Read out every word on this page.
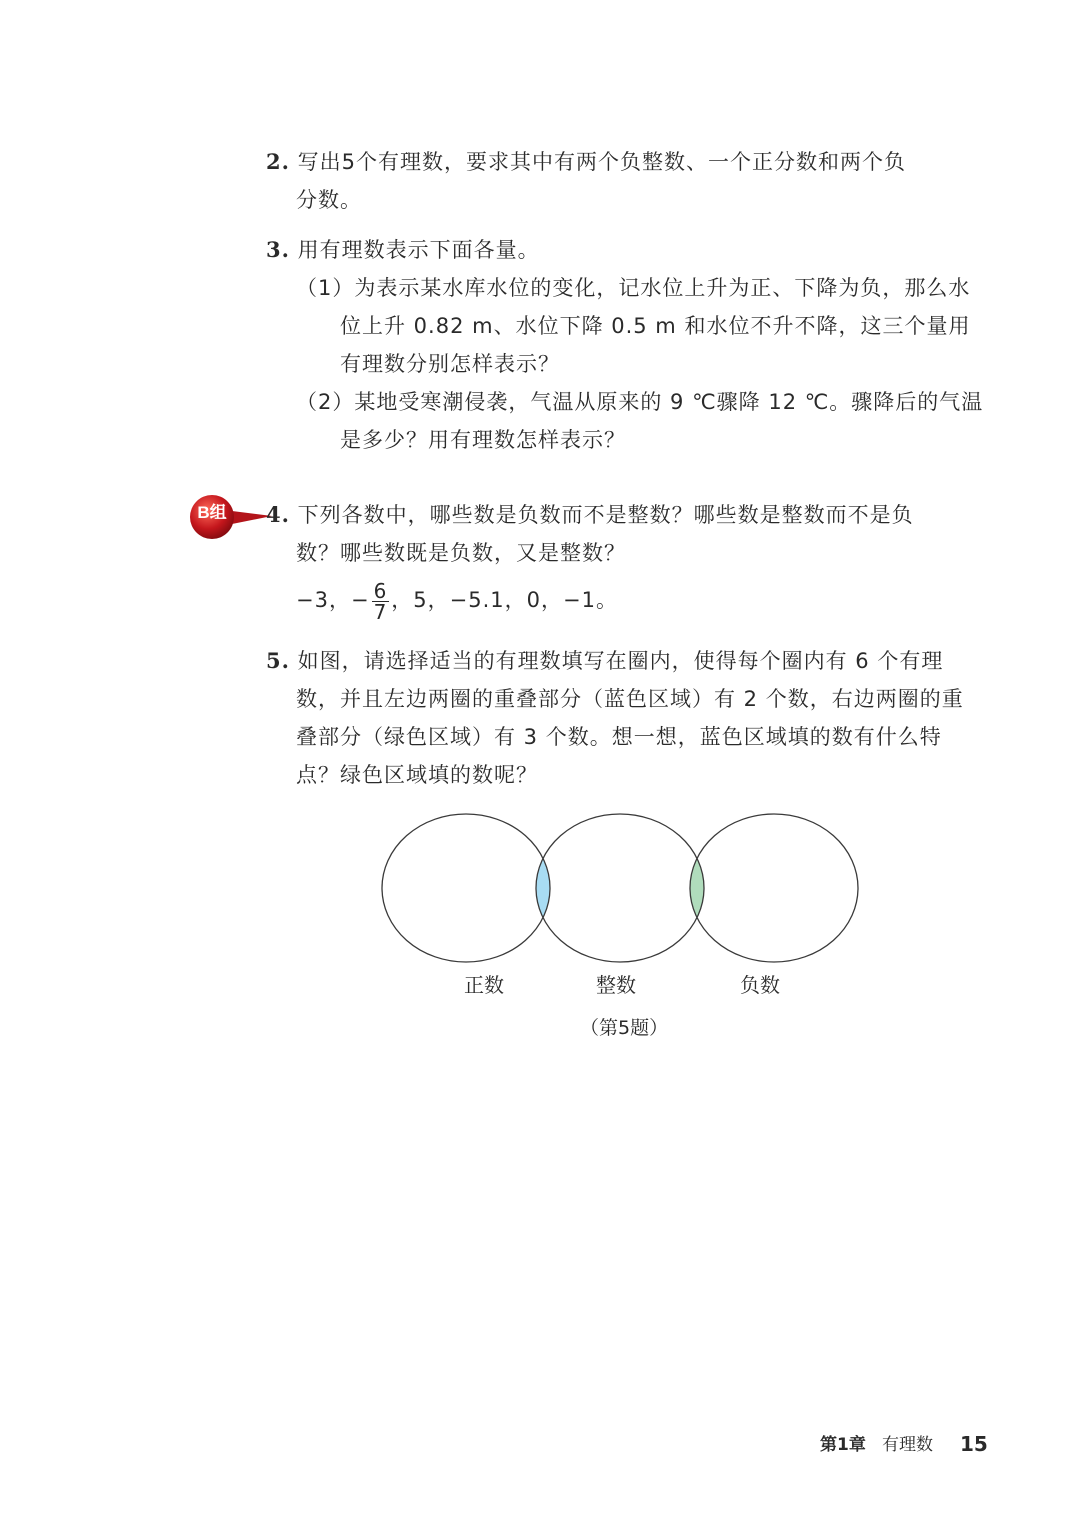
2. 写出5个有理数，要求其中有两个负整数、一个正分数和两个负
分数。
3. 用有理数表示下面各量。
（1）为表示某水库水位的变化，记水位上升为正、下降为负，那么水
位上升 0.82 m、水位下降 0.5 m 和水位不升不降，这三个量用
有理数分别怎样表示？
（2）某地受寒潮侵袭，气温从原来的 9 ℃骤降 12 ℃。骤降后的气温
是多少？用有理数怎样表示？
B组 4. 下列各数中，哪些数是负数而不是整数？哪些数是整数而不是负
数？哪些数既是负数，又是整数？
−3，− $\frac{6}{7}$ ，5，−5.1，0，−1。
5. 如图，请选择适当的有理数填写在圈内，使得每个圈内有 6 个有理
数，并且左边两圈的重叠部分（蓝色区域）有 2 个数，右边两圈的重
叠部分（绿色区域）有 3 个数。想一想，蓝色区域填的数有什么特
点？绿色区域填的数呢？
正数	整数	负数
（第5题）
第1章 有理数 15
